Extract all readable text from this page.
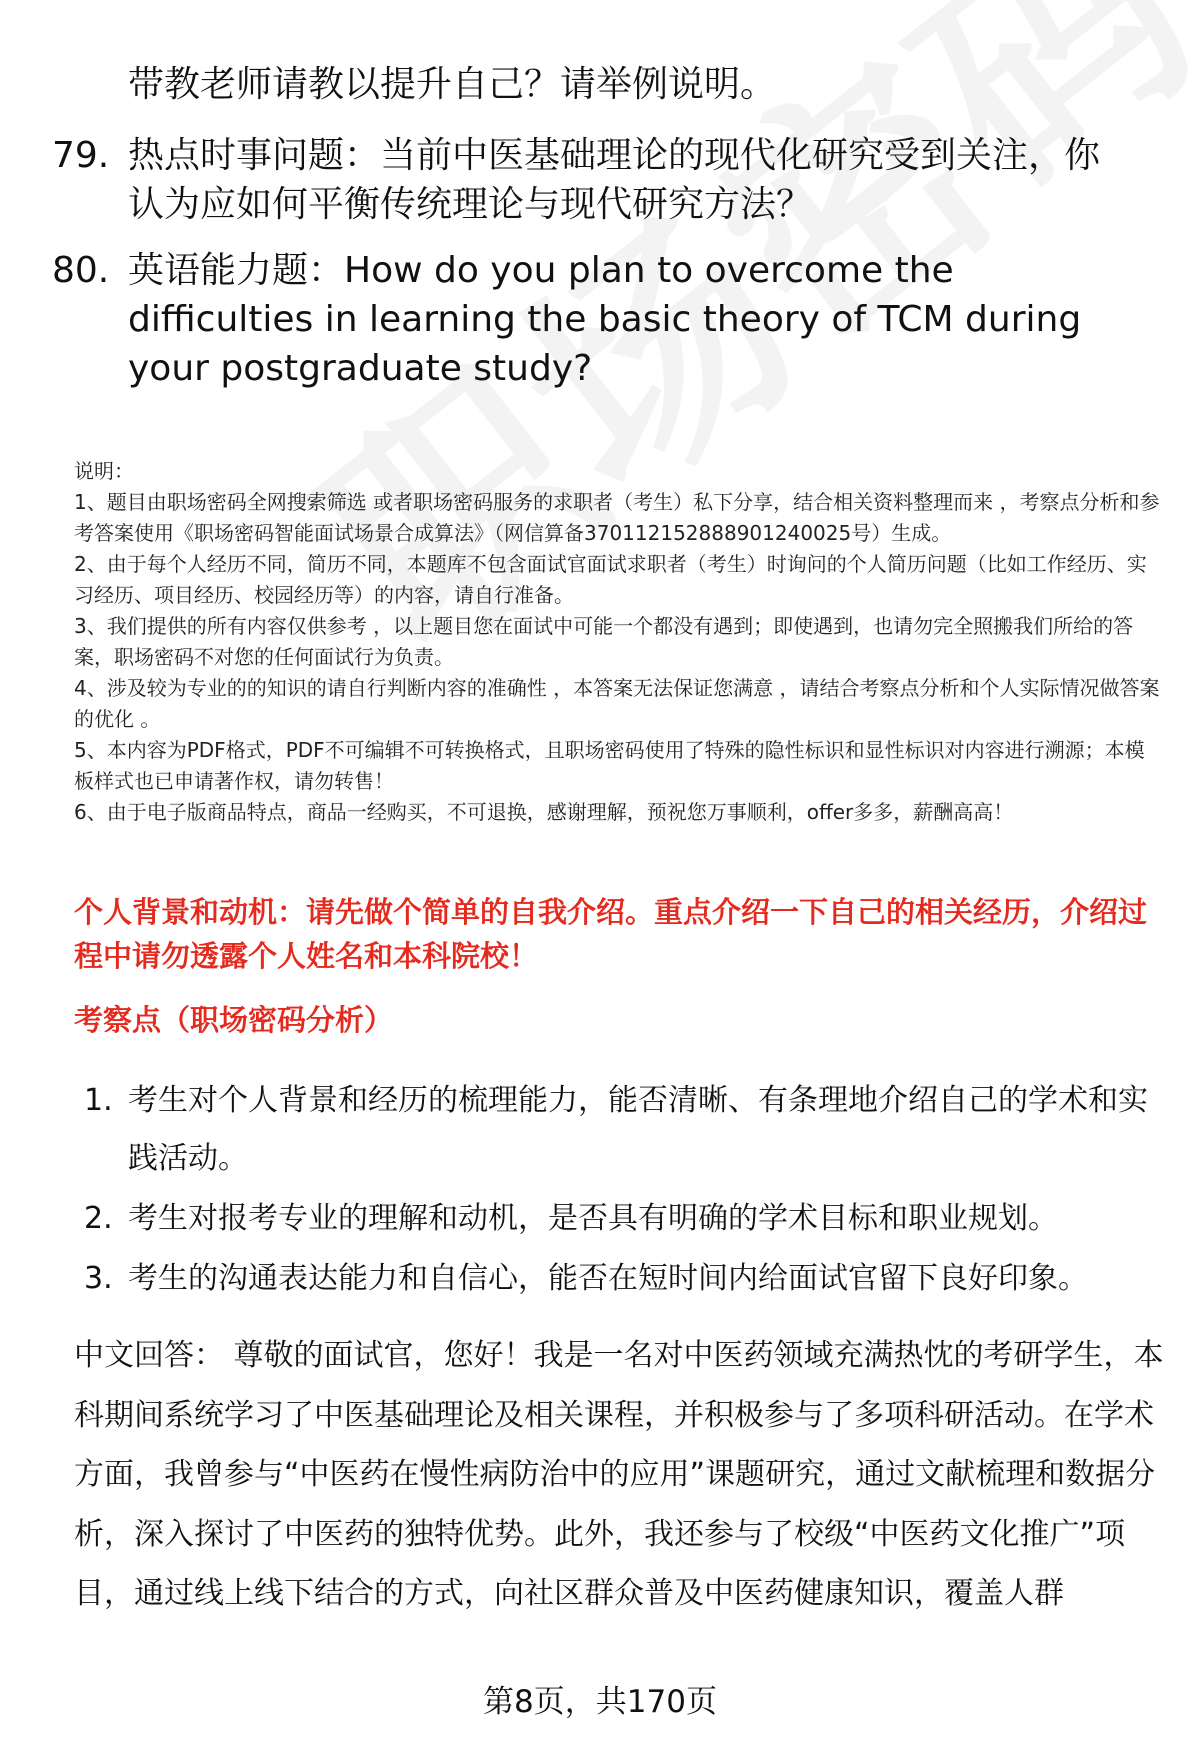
带教老师请教以提升自己？请举例说明。
79. 热点时事问题：当前中医基础理论的现代化研究受到关注，你认为应如何平衡传统理论与现代研究方法？
80. 英语能力题：How do you plan to overcome the difficulties in learning the basic theory of TCM during your postgraduate study?
说明：
1、题目由职场密码全网搜索筛选 或者职场密码服务的求职者（考生）私下分享，结合相关资料整理而来 ，考察点分析和参考答案使用《职场密码智能面试场景合成算法》（网信算备370112152888901240025号）生成。
2、由于每个人经历不同，简历不同，本题库不包含面试官面试求职者（考生）时询问的个人简历问题（比如工作经历、实习经历、项目经历、校园经历等）的内容，请自行准备。
3、我们提供的所有内容仅供参考 ，以上题目您在面试中可能一个都没有遇到；即使遇到，也请勿完全照搬我们所给的答案，职场密码不对您的任何面试行为负责。
4、涉及较为专业的的知识的请自行判断内容的准确性 ，本答案无法保证您满意 ，请结合考察点分析和个人实际情况做答案的优化 。
5、本内容为PDF格式，PDF不可编辑不可转换格式，且职场密码使用了特殊的隐性标识和显性标识对内容进行溯源；本模板样式也已申请著作权，请勿转售！
6、由于电子版商品特点，商品一经购买，不可退换，感谢理解，预祝您万事顺利，offer多多，薪酬高高！
个人背景和动机：请先做个简单的自我介绍。重点介绍一下自己的相关经历，介绍过程中请勿透露个人姓名和本科院校！
考察点（职场密码分析）
1. 考生对个人背景和经历的梳理能力，能否清晰、有条理地介绍自己的学术和实践活动。
2. 考生对报考专业的理解和动机，是否具有明确的学术目标和职业规划。
3. 考生的沟通表达能力和自信心，能否在短时间内给面试官留下良好印象。
中文回答： 尊敬的面试官，您好！我是一名对中医药领域充满热忱的考研学生，本科期间系统学习了中医基础理论及相关课程，并积极参与了多项科研活动。在学术方面，我曾参与“中医药在慢性病防治中的应用”课题研究，通过文献梳理和数据分析，深入探讨了中医药的独特优势。此外，我还参与了校级“中医药文化推广”项目，通过线上线下结合的方式，向社区群众普及中医药健康知识，覆盖人群
第8页，共170页
